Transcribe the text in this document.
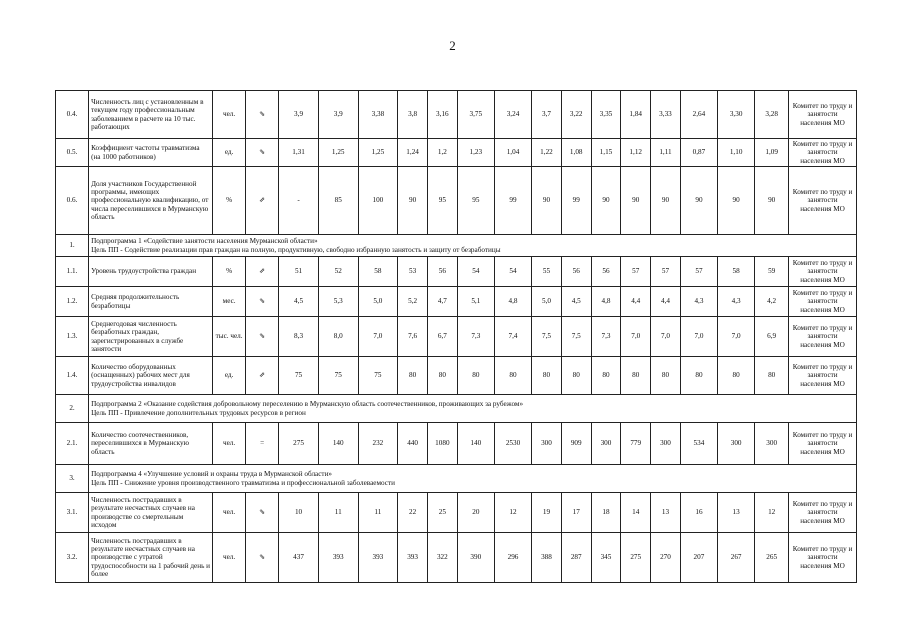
2
0.4.	Численность лиц с установленным в текущем году профессиональным заболеванием в расчете на 10 тыс. работающих	чел.	⇘	3,9	3,9	3,38	3,8	3,16	3,75	3,24	3,7	3,22	3,35	1,84	3,33	2,64	3,30	3,28	Комитет по труду и занятости населения МО
0.5.	Коэффициент частоты травматизма (на 1000 работников)	ед.	⇘	1,31	1,25	1,25	1,24	1,2	1,23	1,04	1,22	1,08	1,15	1,12	1,11	0,87	1,10	1,09	Комитет по труду и занятости населения МО
0.6.	Доля участников Государственной программы, имеющих профессиональную квалификацию, от числа переселившихся в Мурманскую область	%	⇗	-	85	100	90	95	95	99	90	99	90	90	90	90	90	90	Комитет по труду и занятости населения МО
1.	Подпрограмма 1 «Содействие занятости населения Мурманской области»
Цель ПП - Содействие реализации прав граждан на полную, продуктивную, свободно избранную занятость и защиту от безработицы																		

1.1.	Уровень трудоустройства граждан	%	⇗	51	52	58	53	56	54	54	55	56	56	57	57	57	58	59	Комитет по труду и занятости населения МО
1.2.	Средняя продолжительность безработицы	мес.	⇘	4,5	5,3	5,0	5,2	4,7	5,1	4,8	5,0	4,5	4,8	4,4	4,4	4,3	4,3	4,2	Комитет по труду и занятости населения МО
1.3.	Среднегодовая численность безработных граждан, зарегистрированных в службе занятости	тыс. чел.	⇘	8,3	8,0	7,0	7,6	6,7	7,3	7,4	7,5	7,5	7,3	7,0	7,0	7,0	7,0	6,9	Комитет по труду и занятости населения МО
1.4.	Количество оборудованных (оснащенных) рабочих мест для трудоустройства инвалидов	ед.	⇗	75	75	75	80	80	80	80	80	80	80	80	80	80	80	80	Комитет по труду и занятости населения МО
2.	Подпрограмма 2 «Оказание содействия добровольному переселению в Мурманскую область соотечественников, проживающих за рубежом»
Цель ПП - Привлечение дополнительных трудовых ресурсов в регион																		

2.1.	Количество соотечественников, переселившихся в Мурманскую область	чел.	=	275	140	232	440	1080	140	2530	300	909	300	779	300	534	300	300	Комитет по труду и занятости населения МО
3.	Подпрограмма 4 «Улучшение условий и охраны труда в Мурманской области»
Цель ПП - Снижение уровня производственного травматизма и профессиональной заболеваемости																		

3.1.	Численность пострадавших в результате несчастных случаев на производстве со смертельным исходом	чел.	⇘	10	11	11	22	25	20	12	19	17	18	14	13	16	13	12	Комитет по труду и занятости населения МО
3.2.	Численность пострадавших в результате несчастных случаев на производстве с утратой трудоспособности на 1 рабочий день и более	чел.	⇘	437	393	393	393	322	390	296	388	287	345	275	270	207	267	265	Комитет по труду и занятости населения МО
